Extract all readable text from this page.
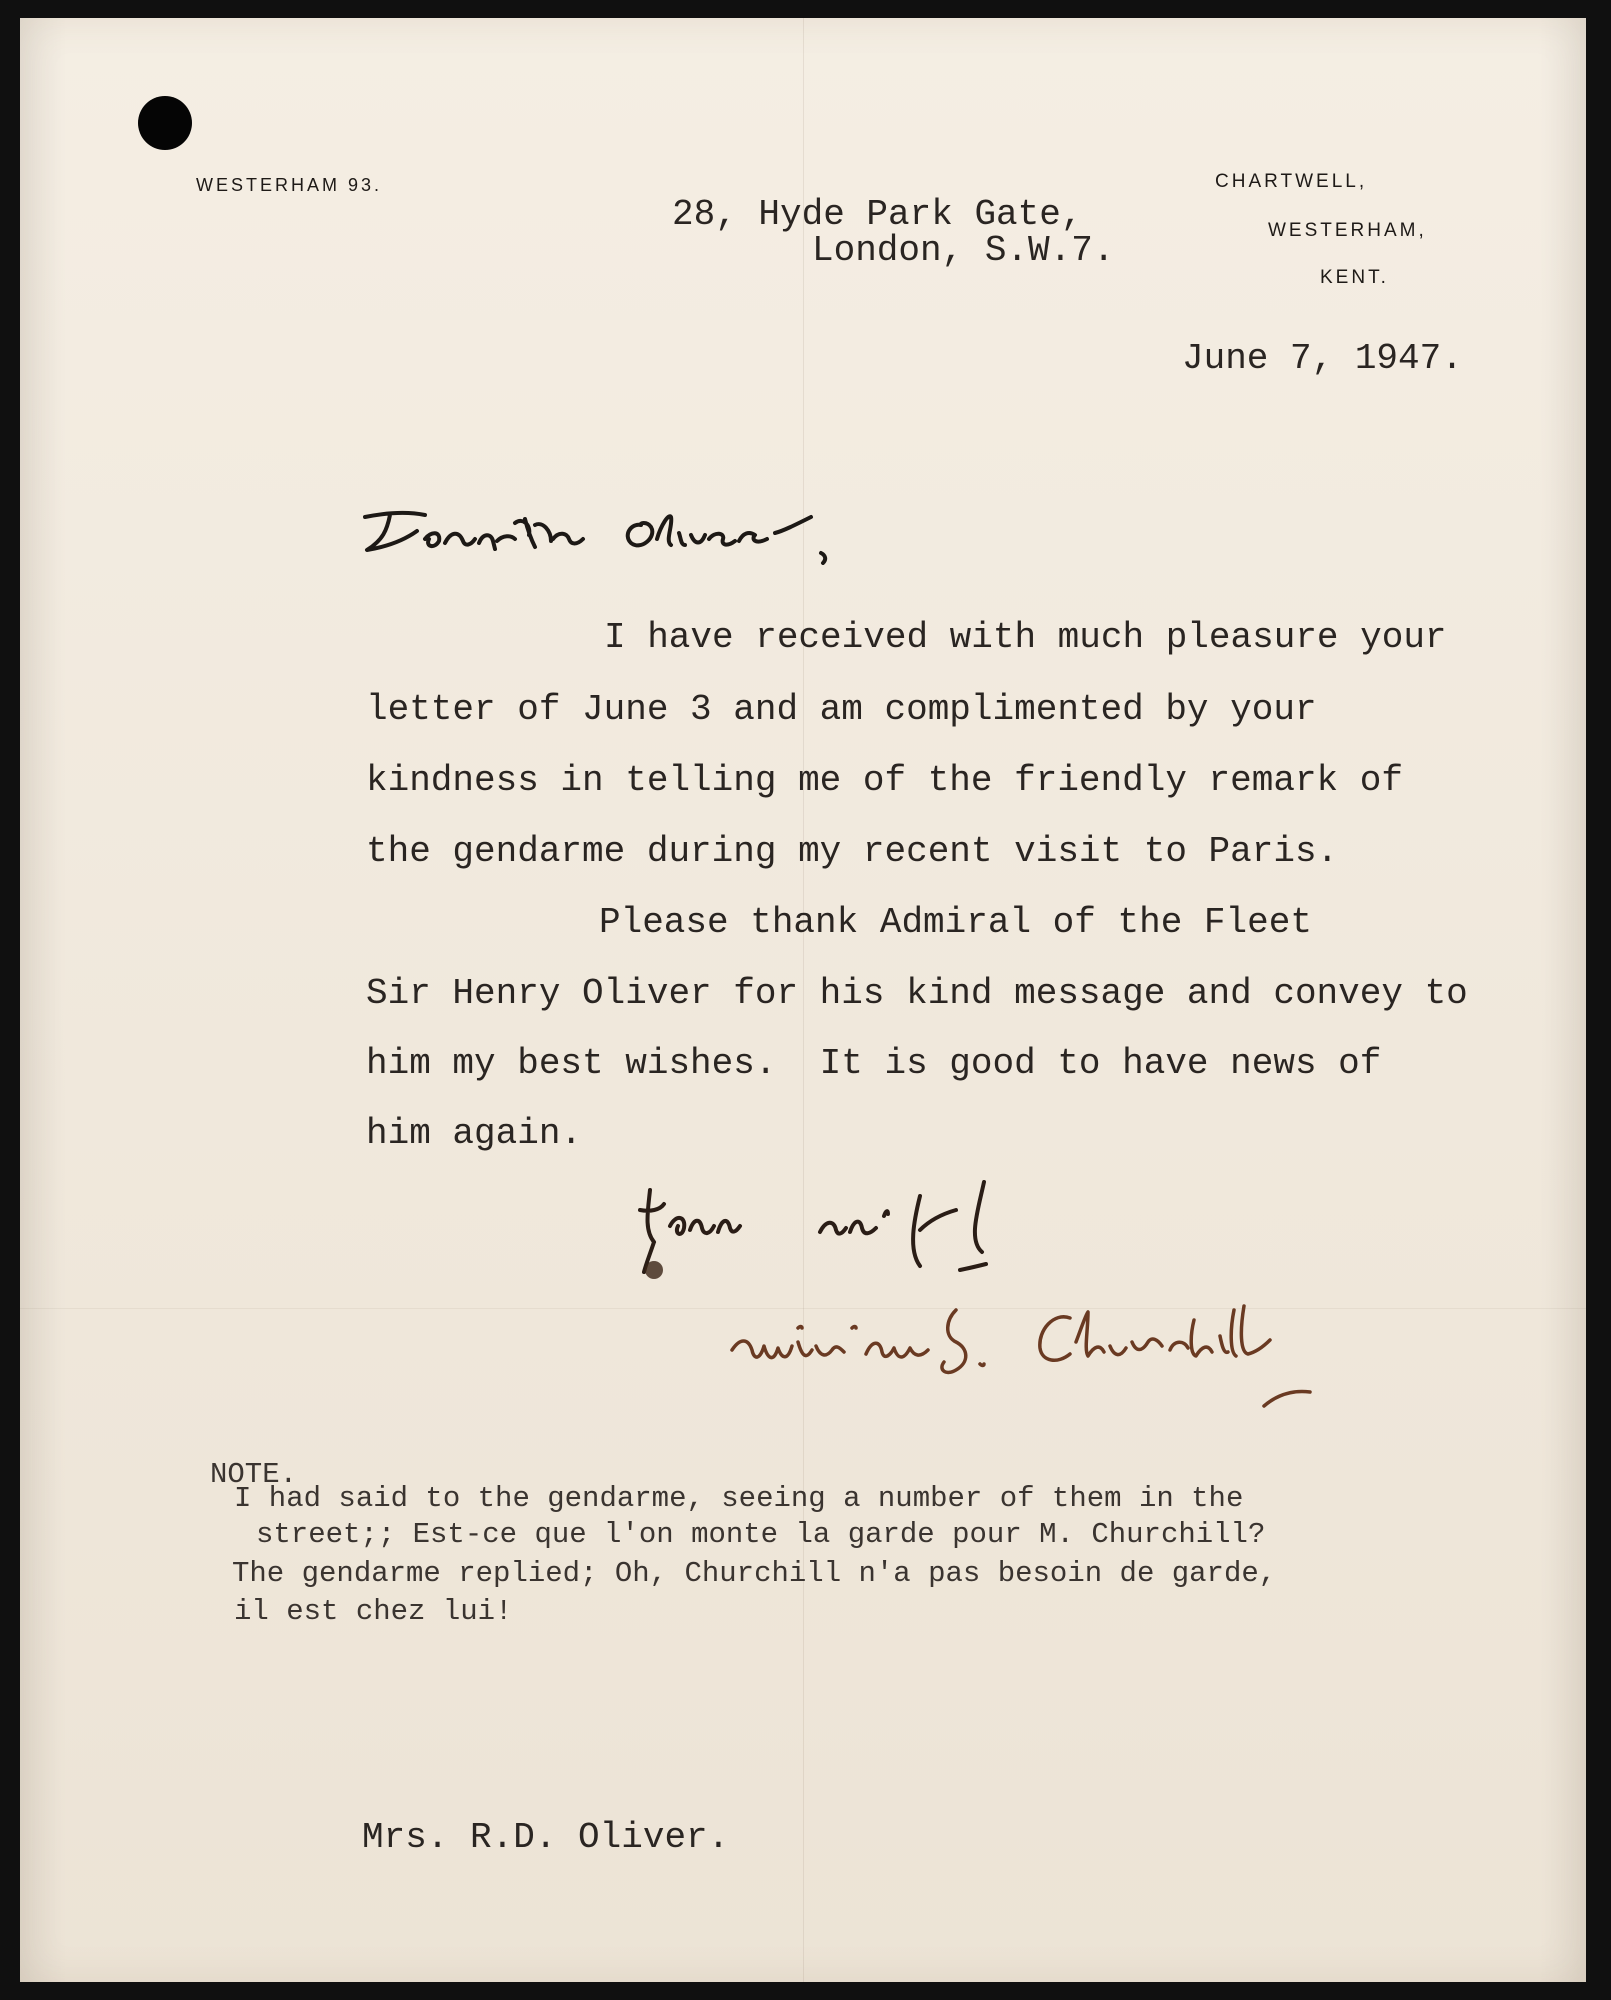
WESTERHAM 93.	CHARTWELL,
WESTERHAM,
KENT.
28, Hyde Park Gate,
London, S.W.7.
June 7, 1947.
I have received with much pleasure your
letter of June 3 and am complimented by your
kindness in telling me of the friendly remark of
the gendarme during my recent visit to Paris.
Please thank Admiral of the Fleet
Sir Henry Oliver for his kind message and convey to
him my best wishes.  It is good to have news of
him again.
NOTE.
I had said to the gendarme, seeing a number of them in the
street;; Est-ce que l'on monte la garde pour M. Churchill?
The gendarme replied; Oh, Churchill n'a pas besoin de garde,
il est chez lui!
Mrs. R.D. Oliver.
